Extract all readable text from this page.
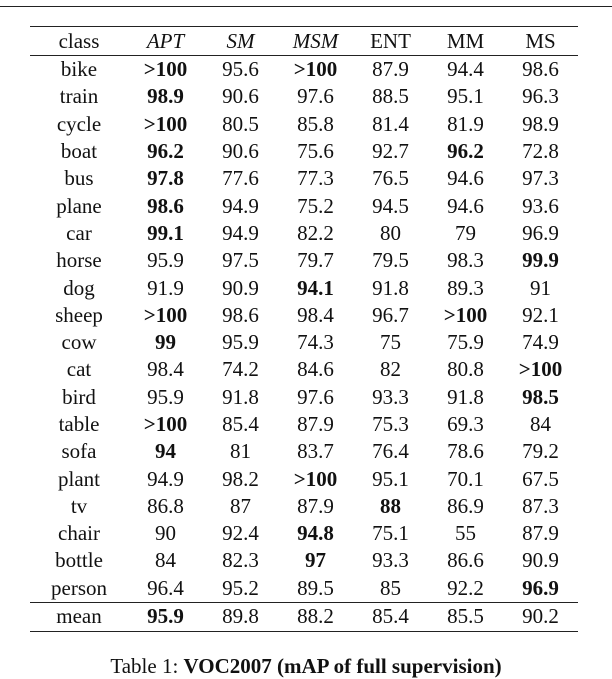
class	APT	SM	MSM	ENT	MM	MS
bike	>100	95.6	>100	87.9	94.4	98.6
train	98.9	90.6	97.6	88.5	95.1	96.3
cycle	>100	80.5	85.8	81.4	81.9	98.9
boat	96.2	90.6	75.6	92.7	96.2	72.8
bus	97.8	77.6	77.3	76.5	94.6	97.3
plane	98.6	94.9	75.2	94.5	94.6	93.6
car	99.1	94.9	82.2	80	79	96.9
horse	95.9	97.5	79.7	79.5	98.3	99.9
dog	91.9	90.9	94.1	91.8	89.3	91
sheep	>100	98.6	98.4	96.7	>100	92.1
cow	99	95.9	74.3	75	75.9	74.9
cat	98.4	74.2	84.6	82	80.8	>100
bird	95.9	91.8	97.6	93.3	91.8	98.5
table	>100	85.4	87.9	75.3	69.3	84
sofa	94	81	83.7	76.4	78.6	79.2
plant	94.9	98.2	>100	95.1	70.1	67.5
tv	86.8	87	87.9	88	86.9	87.3
chair	90	92.4	94.8	75.1	55	87.9
bottle	84	82.3	97	93.3	86.6	90.9
person	96.4	95.2	89.5	85	92.2	96.9
mean	95.9	89.8	88.2	85.4	85.5	90.2
Table 1: VOC2007 (mAP of full supervision)
